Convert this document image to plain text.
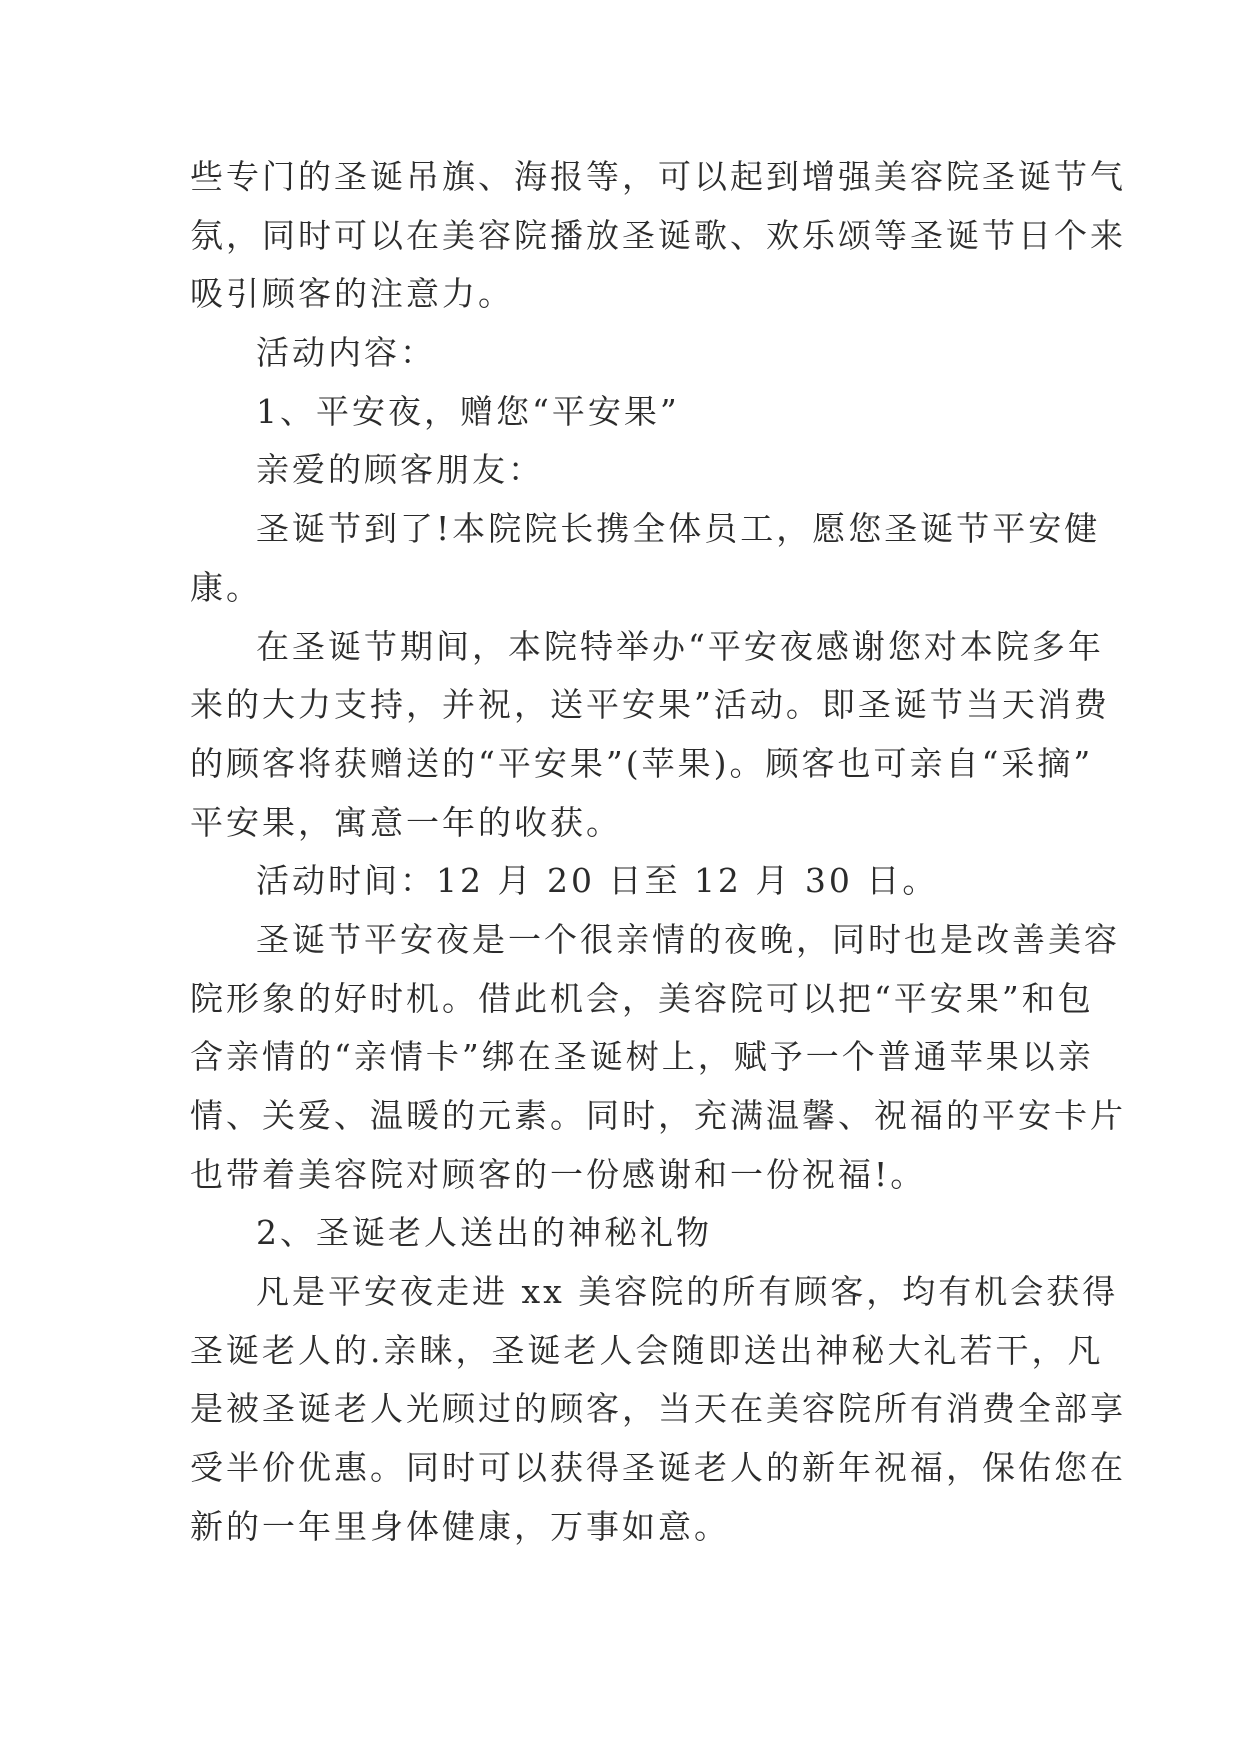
些专门的圣诞吊旗、海报等，可以起到增强美容院圣诞节气
氛，同时可以在美容院播放圣诞歌、欢乐颂等圣诞节日个来
吸引顾客的注意力。
活动内容：
1、平安夜，赠您“平安果”
亲爱的顾客朋友：
圣诞节到了!本院院长携全体员工，愿您圣诞节平安健
康。
在圣诞节期间，本院特举办“平安夜感谢您对本院多年
来的大力支持，并祝，送平安果”活动。即圣诞节当天消费
的顾客将获赠送的“平安果”(苹果)。顾客也可亲自“采摘”
平安果，寓意一年的收获。
活动时间：12 月 20 日至 12 月 30 日。
圣诞节平安夜是一个很亲情的夜晚，同时也是改善美容
院形象的好时机。借此机会，美容院可以把“平安果”和包
含亲情的“亲情卡”绑在圣诞树上，赋予一个普通苹果以亲
情、关爱、温暖的元素。同时，充满温馨、祝福的平安卡片
也带着美容院对顾客的一份感谢和一份祝福!。
2、圣诞老人送出的神秘礼物
凡是平安夜走进 xx 美容院的所有顾客，均有机会获得
圣诞老人的.亲睐，圣诞老人会随即送出神秘大礼若干，凡
是被圣诞老人光顾过的顾客，当天在美容院所有消费全部享
受半价优惠。同时可以获得圣诞老人的新年祝福，保佑您在
新的一年里身体健康，万事如意。
